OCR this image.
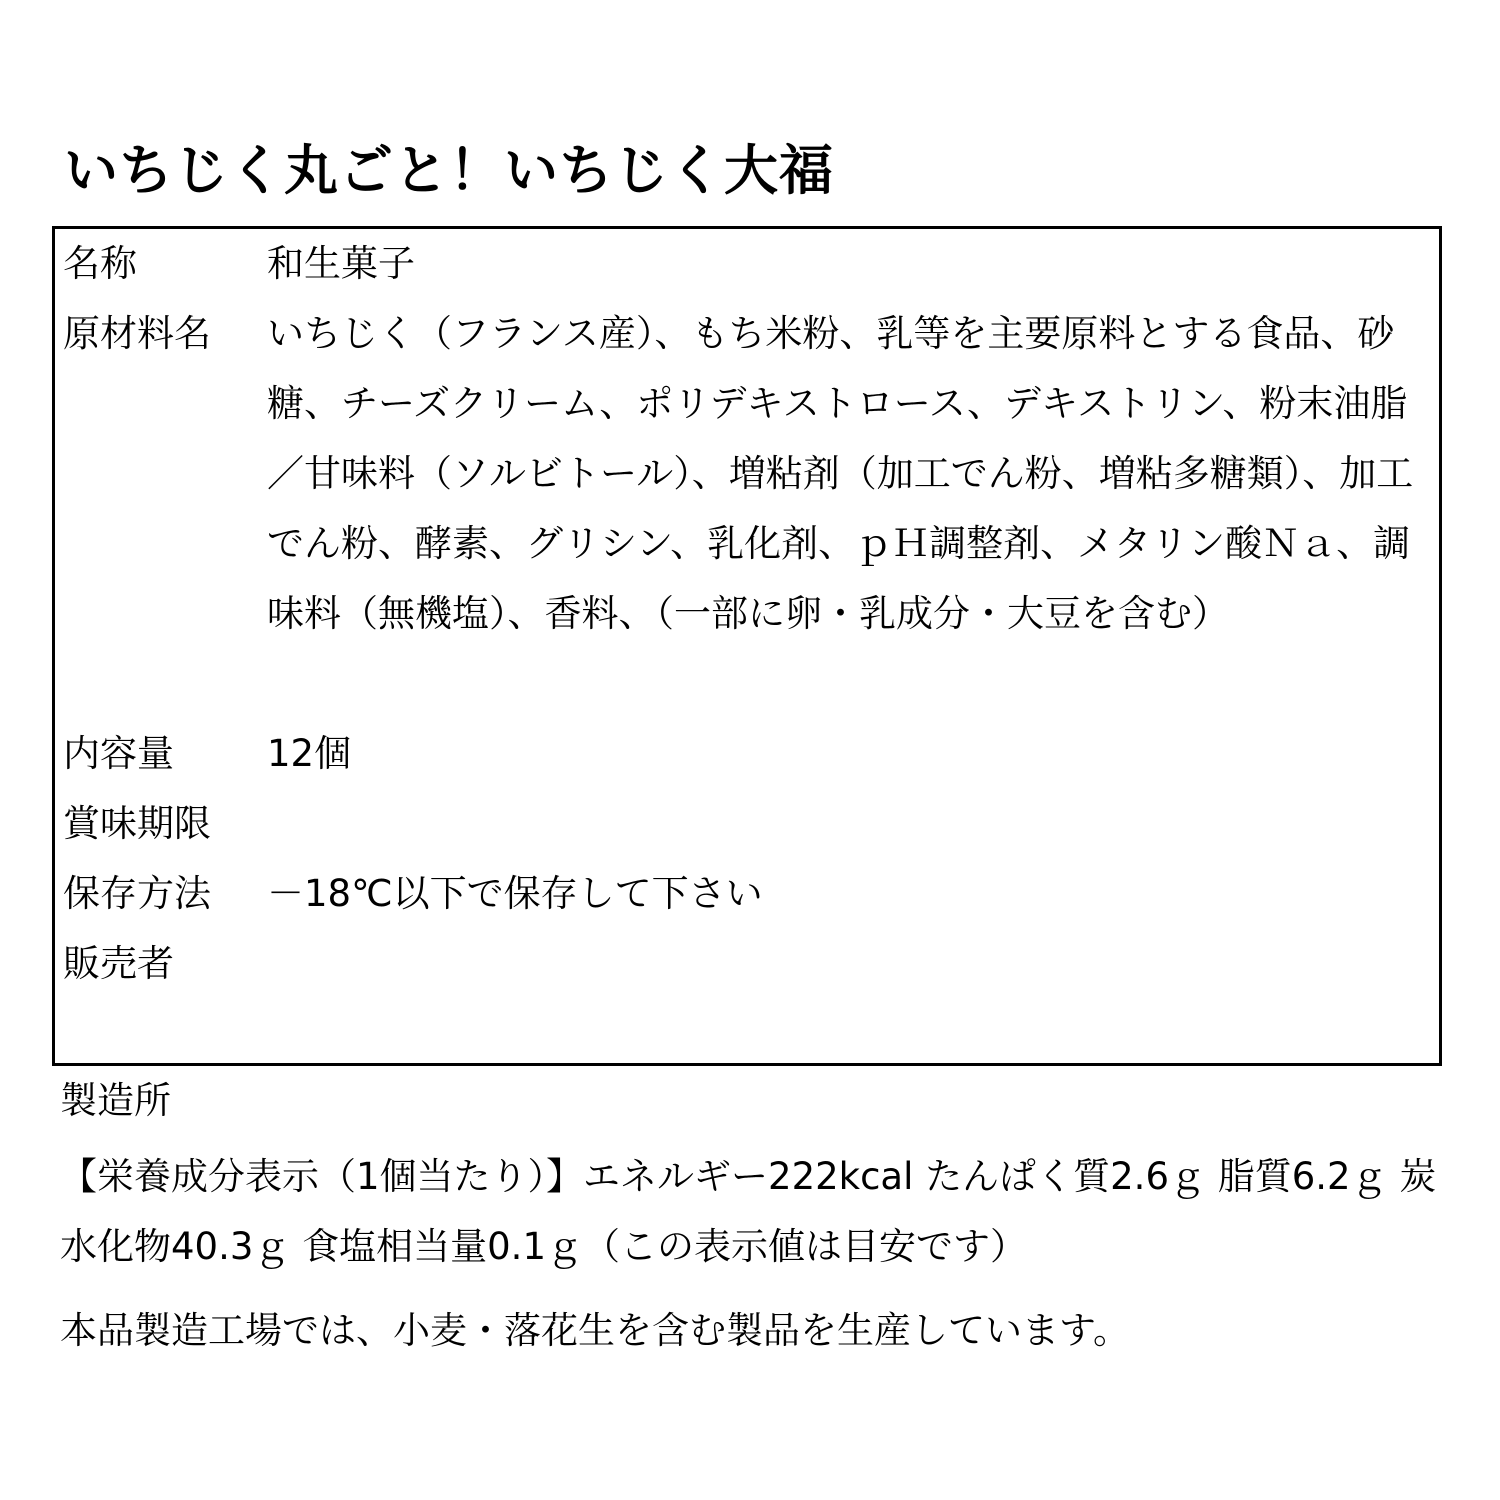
いちじく丸ごと！いちじく大福
名称	和生菓子
原材料名	いちじく（フランス産）、もち米粉、乳等を主要原料とする食品、砂糖、チーズクリーム、ポリデキストロース、デキストリン、粉末油脂／甘味料（ソルビトール）、増粘剤（加工でん粉、増粘多糖類）、加工でん粉、酵素、グリシン、乳化剤、ｐＨ調整剤、メタリン酸Ｎａ、調味料（無機塩）、香料、（一部に卵・乳成分・大豆を含む）
内容量	12個
賞味期限
保存方法	－18℃以下で保存して下さい
販売者
製造所
【栄養成分表示（1個当たり）】エネルギー222kcal たんぱく質2.6ｇ 脂質6.2ｇ 炭水化物40.3ｇ 食塩相当量0.1ｇ（この表示値は目安です）
本品製造工場では、小麦・落花生を含む製品を生産しています。
